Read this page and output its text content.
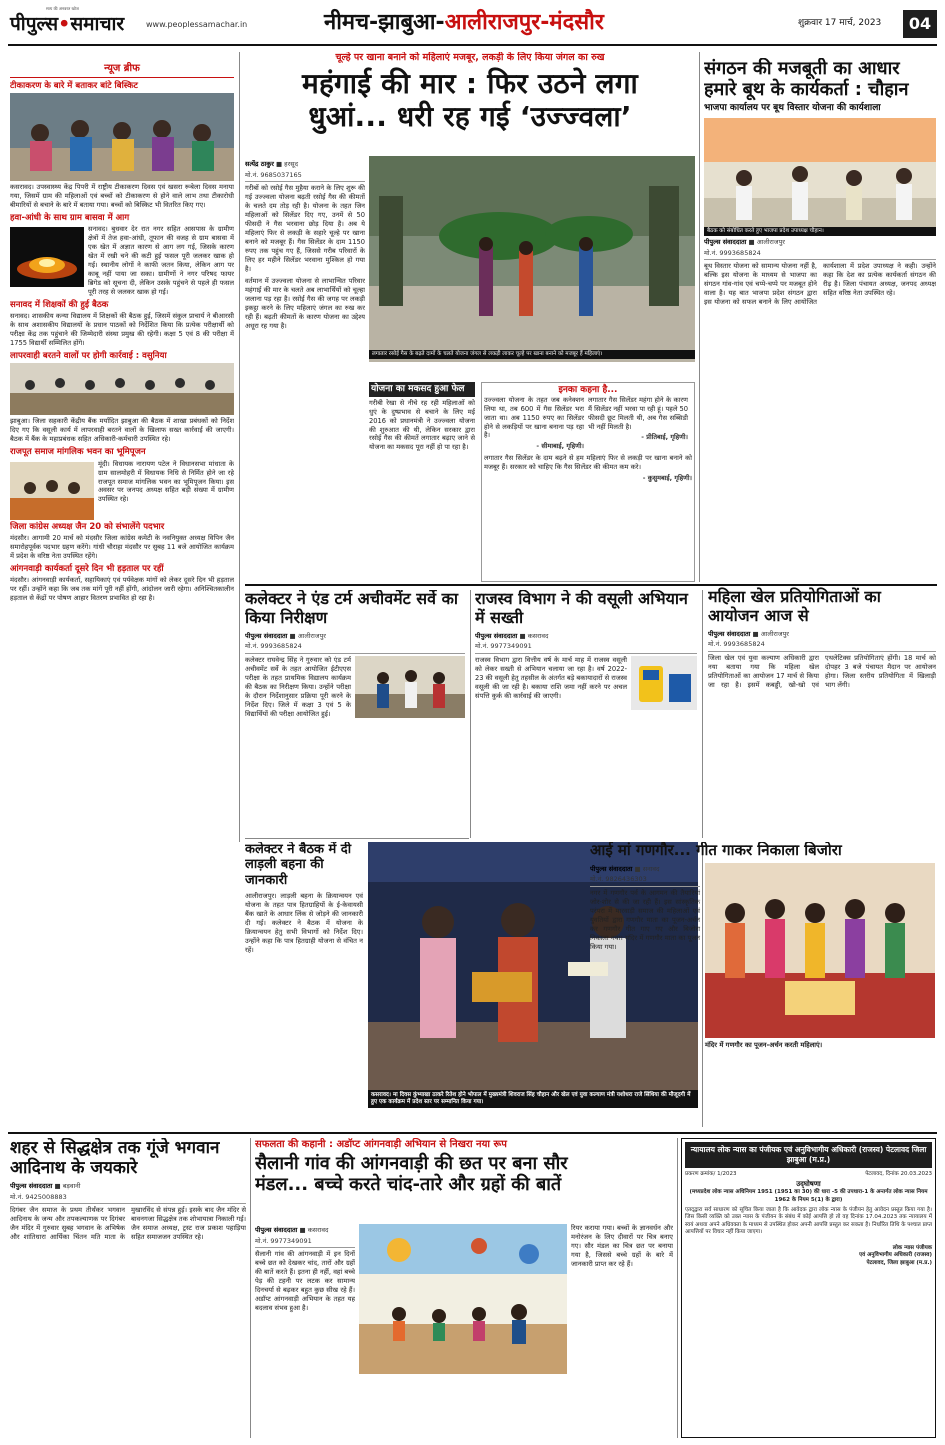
सत्य की अनवरत खोज
पीपुल्स•समाचार	www.peoplessamachar.in	नीमच-झाबुआ-आलीराजपुर-मंदसौर	शुक्रवार 17 मार्च, 2023	04
न्यूज ब्रीफ
टीकाकरण के बारे में बताकर बांटे बिस्किट
कसरावद। उपस्वास्थ्य केंद्र पिपरी में राष्ट्रीय टीकाकरण दिवस एवं खसरा रूबेला दिवस मनाया गया, जिसमें ग्राम की महिलाओं एवं बच्चों को टीकाकरण से होने वाले लाभ तथा टीकारोधी बीमारियों से बचाने के बारे में बताया गया। बच्चों को बिस्किट भी वितरित किए गए।
हवा-आंधी के साथ ग्राम बासवा में आग
सनावद। बुधवार देर रात नगर सहित आसपास के ग्रामीण क्षेत्रों में तेज हवा-आंधी, तूफान की वजह से ग्राम बासवा में एक खेत में अज्ञात कारण से आग लग गई, जिसके कारण खेत में रखी चने की कटी हुई फसल पूरी जलकर खाक हो गई। स्थानीय लोगों ने काफी जतन किया, लेकिन आग पर काबू नहीं पाया जा सका। ग्रामीणों ने नगर परिषद फायर ब्रिगेड को सूचना दी, लेकिन उसके पहुंचने से पहले ही फसल पूरी तरह से जलकर खाक हो गई।
सनावद में शिक्षकों की हुई बैठक
सनावद। शासकीय कन्या विद्यालय में शिक्षकों की बैठक हुई, जिसमें संकुल प्राचार्य ने बीआरसी के साथ अशासकीय विद्यालयों के प्रधान पाठकों को निर्देशित किया कि प्रत्येक परीक्षार्थी को परीक्षा केंद्र तक पहुंचाने की जिम्मेदारी संस्था प्रमुख की रहेगी। कक्षा 5 एवं 8 की परीक्षा में 1755 विद्यार्थी सम्मिलित होंगे।
लापरवाही बरतने वालों पर होगी कार्रवाई : वसुनिया
झाबुआ। जिला सहकारी केंद्रीय बैंक मर्यादित झाबुआ की बैठक में शाखा प्रबंधकों को निर्देश दिए गए कि वसूली कार्य में लापरवाही बरतने वालों के खिलाफ सख्त कार्रवाई की जाएगी। बैठक में बैंक के महाप्रबंधक सहित अधिकारी-कर्मचारी उपस्थित रहे।
राजपूत समाज मांगलिक भवन का भूमिपूजन
मूंदी। विधायक नारायण पटेल ने विधानसभा मांधाता के ग्राम सालमोहरी में विधायक निधि से निर्मित होने जा रहे राजपूत समाज मांगलिक भवन का भूमिपूजन किया। इस अवसर पर जनपद अध्यक्ष सहित बड़ी संख्या में ग्रामीण उपस्थित रहे।
जिला कांग्रेस अध्यक्ष जैन 20 को संभालेंगे पदभार
मंदसौर। आगामी 20 मार्च को मंदसौर जिला कांग्रेस कमेटी के नवनियुक्त अध्यक्ष विपिन जैन समारोहपूर्वक पदभार ग्रहण करेंगे। गांधी चौराहा मंदसौर पर सुबह 11 बजे आयोजित कार्यक्रम में प्रदेश के वरिष्ठ नेता उपस्थित रहेंगे।
आंगनवाड़ी कार्यकर्ता दूसरे दिन भी हड़ताल पर रहीं
मंदसौर। आंगनवाड़ी कार्यकर्ता, सहायिकाएं एवं पर्यवेक्षक मांगों को लेकर दूसरे दिन भी हड़ताल पर रहीं। उन्होंने कहा कि जब तक मांगें पूरी नहीं होंगी, आंदोलन जारी रहेगा। अनिश्चितकालीन हड़ताल से केंद्रों पर पोषण आहार वितरण प्रभावित हो रहा है।
चूल्हे पर खाना बनाने को महिलाएं मजबूर, लकड़ी के लिए किया जंगल का रुख
महंगाई की मार : फिर उठने लगा
धुआं... धरी रह गई ‘उज्ज्वला’
सत्येंद्र ठाकुर ■ हरसूद
मो.नं. 9685037165
गरीबों को रसोई गैस मुहैया कराने के लिए शुरू की गई उज्ज्वला योजना बढ़ती रसोई गैस की कीमतों के चलते दम तोड़ रही है। योजना के तहत जिन महिलाओं को सिलेंडर दिए गए, उनमें से 50 फीसदी ने गैस भरवाना छोड़ दिया है। अब ये महिलाएं फिर से लकड़ी के सहारे चूल्हे पर खाना बनाने को मजबूर हैं। गैस सिलेंडर के दाम 1150 रुपए तक पहुंच गए हैं, जिससे गरीब परिवारों के लिए हर महीने सिलेंडर भरवाना मुश्किल हो गया है।
वर्तमान में उज्ज्वला योजना से लाभान्वित परिवार महंगाई की मार के चलते अब लाभार्थियों को चूल्हा जलाना पड़ रहा है। रसोई गैस की जगह पर लकड़ी इकट्ठा करने के लिए महिलाएं जंगल का रुख कर रही हैं। बढ़ती कीमतों के कारण योजना का उद्देश्य अधूरा रह गया है।
लगातार रसोई गैस के बढ़ते दामों के चलते योजना जंगल से लकड़ी लाकर चूल्हे पर खाना बनाने को मजबूर हैं महिलाएं।
योजना का मकसद हुआ फेल
गरीबी रेखा से नीचे रह रही महिलाओं को धुएं के दुष्प्रभाव से बचाने के लिए मई 2016 को प्रधानमंत्री ने उज्ज्वला योजना की शुरुआत की थी, लेकिन सरकार द्वारा रसोई गैस की कीमतें लगातार बढ़ाए जाने से योजना का मकसद पूरा नहीं हो पा रहा है।
इनका कहना है...
उज्ज्वला योजना के तहत जब कनेक्शन लिया था, तब 600 में गैस सिलेंडर भरा जाता था। अब 1150 रुपए का सिलेंडर होने से लकड़ियों पर खाना बनाना पड़ रहा है।
- सीमाबाई, गृहिणी।
लगातार गैस सिलेंडर महंगा होने के कारण मैं सिलेंडर नहीं भरवा पा रही हूं। पहले 50 फीसदी छूट मिलती थी, अब गैस सब्सिडी भी नहीं मिलती है।
- प्रीतिबाई, गृहिणी।
लगातार गैस सिलेंडर के दाम बढ़ने से हम महिलाएं फिर से लकड़ी पर खाना बनाने को मजबूर हैं। सरकार को चाहिए कि गैस सिलेंडर की कीमत कम करे।
- कुसुमबाई, गृहिणी।
संगठन की मजबूती का आधार हमारे बूथ के कार्यकर्ता : चौहान
भाजपा कार्यालय पर बूथ विस्तार योजना की कार्यशाला
बैठक को संबोधित करते हुए भाजपा प्रदेश उपाध्यक्ष चौहान।
पीपुल्स संवाददाता ■ आलीराजपुर
मो.नं. 9993685824
बूथ विस्तार योजना को सामान्य योजना नहीं है, बल्कि इस योजना के माध्यम से भाजपा का संगठन गांव-गांव एवं चप्पे-चप्पे पर मजबूत होने वाला है। यह बात भाजपा प्रदेश संगठन द्वारा इस योजना को सफल बनाने के लिए आयोजित कार्यशाला में प्रदेश उपाध्यक्ष ने कही। उन्होंने कहा कि देश का प्रत्येक कार्यकर्ता संगठन की रीढ़ है। जिला पंचायत अध्यक्ष, जनपद अध्यक्ष सहित वरिष्ठ नेता उपस्थित रहे।
कलेक्टर ने एंड टर्म अचीवमेंट सर्वे का किया निरीक्षण
पीपुल्स संवाददाता ■ आलीराजपुर
मो.नं. 9993685824
कलेक्टर राघवेन्द्र सिंह ने गुरुवार को एंड टर्म अचीवमेंट सर्वे के तहत आयोजित ईटीएएस परीक्षा के तहत प्राथमिक विद्यालय कार्यक्रम की बैठक का निरीक्षण किया। उन्होंने परीक्षा के दौरान निर्देशानुसार प्रक्रिया पूरी करने के निर्देश दिए। जिले में कक्षा 3 एवं 5 के विद्यार्थियों की परीक्षा आयोजित हुई।
राजस्व विभाग ने की वसूली अभियान में सख्ती
पीपुल्स संवाददाता ■ कसरावद
मो.नं. 9977349091
राजस्व विभाग द्वारा वित्तीय वर्ष के मार्च माह में राजस्व वसूली को लेकर सख्ती से अभियान चलाया जा रहा है। वर्ष 2022-23 की वसूली हेतु तहसील के अंतर्गत बड़े बकायादारों से राजस्व वसूली की जा रही है। बकाया राशि जमा नहीं करने पर अचल संपत्ति कुर्क की कार्रवाई की जाएगी।
महिला खेल प्रतियोगिताओं का आयोजन आज से
पीपुल्स संवाददाता ■ आलीराजपुर
मो.नं. 9993685824
जिला खेल एवं युवा कल्याण अधिकारी द्वारा नया बताया गया कि महिला खेल प्रतियोगिताओं का आयोजन 17 मार्च से किया जा रहा है। इसमें कबड्डी, खो-खो एवं एथलेटिक्स प्रतियोगिताएं होंगी। 18 मार्च को दोपहर 3 बजे पंचायत मैदान पर आयोजन होगा। जिला स्तरीय प्रतियोगिता में खिलाड़ी भाग लेंगी।
कलेक्टर ने बैठक में दी लाड़ली बहना की जानकारी
आलीराजपुर। लाड़ली बहना के क्रियान्वयन एवं योजना के तहत पात्र हितग्राहियों के ई-केवायसी बैंक खाते के आधार लिंक से जोड़ने की जानकारी दी गई। कलेक्टर ने बैठक में योजना के क्रियान्वयन हेतु सभी विभागों को निर्देश दिए। उन्होंने कहा कि पात्र हितग्राही योजना से वंचित न रहें।
कसरावद। मा दिवस कुंभ्याखा ठाकरे रितेश होने भोपाल में मुख्यमंत्री शिवराज सिंह चौहान और खेल एवं युवा कल्याण मंत्री यशोधरा राजे सिंधिया की मौजूदगी में हुए एक कार्यक्रम में प्रदेश स्तर पर सम्मानित किया गया।
आई मां गणगौर... गीत गाकर निकाला बिजोरा
पीपुल्स संवाददाता ■ सनावद
मो.नं. 9826436303
नगर में गणगौर पर्व के आगमन की तैयारियां जोर-शोर से की जा रही हैं। इस सांस्कृतिक परंपरा में मारवाड़ी समाज की महिलाओं एवं युवतियों द्वारा गणगौर माता का पूजन-अर्चन कर गणगौर गीत गाए गए और बिजोरा निकाला गया। मंदिर में गणगौर माता का पूजन किया गया।
मंदिर में गणगौर का पूजन-अर्चन करती महिलाएं।
शहर से सिद्धक्षेत्र तक गूंजे भगवान आदिनाथ के जयकारे
पीपुल्स संवाददाता ■ बड़वानी
मो.नं. 9425008883
दिगंबर जैन समाज के प्रथम तीर्थंकर भगवान आदिनाथ के जन्म और तपकल्याणक पर दिगंबर जैन मंदिर में गुरुवार सुबह भगवान के अभिषेक और शांतिधारा आर्यिका चिंतन मति माता के मुखारविंद से संपन्न हुई। इसके बाद जैन मंदिर से बावनगजा सिद्धक्षेत्र तक शोभायात्रा निकाली गई। जैन समाज अध्यक्ष, ट्रस्ट राज प्रकाश पहाड़िया सहित समाजजन उपस्थित रहे।
सफलता की कहानी : अडॉप्ट आंगनवाड़ी अभियान से निखरा नया रूप
सैलानी गांव की आंगनवाड़ी की छत पर बना सौर
मंडल... बच्चे करते चांद-तारे और ग्रहों की बातें
पीपुल्स संवाददाता ■ कसरावद
मो.नं. 9977349091
सैलानी गांव की आंगनवाड़ी में इन दिनों बच्चे छत को देखकर चांद, तारों और ग्रहों की बातें करते हैं। इतना ही नहीं, वहां बच्चे पेड़ की टहनी पर लटक कर सामान्य दिनचर्या से बढ़कर बहुत कुछ सीख रहे हैं। अडॉप्ट आंगनवाड़ी अभियान के तहत यह बदलाव संभव हुआ है।
रियर कराया गया। बच्चों के ज्ञानवर्धन और मनोरंजन के लिए दीवारों पर चित्र बनाए गए। सौर मंडल का चित्र छत पर बनाया गया है, जिससे बच्चे ग्रहों के बारे में जानकारी प्राप्त कर रहे हैं।
न्यायालय लोक न्यास का पंजीयक एवं अनुविभागीय अधिकारी (राजस्व) पेटलावद जिला झाबुआ (म.प्र.)
प्रकरण क्रमांक/ 1/2023	पेटलावद, दिनांक 20.03.2023
उद्‌घोषणा
(मध्यप्रदेश लोक न्यास अधिनियम 1951 (1951 का 30) की धारा -5 की उपधारा-1 के अन्तर्गत लोक न्यास नियम 1962 के नियम 5(1) के द्वारा)
एतद्‌द्वारा सर्व साधारण को सूचित किया जाता है कि आवेदक द्वारा लोक न्यास के पंजीयन हेतु आवेदन प्रस्तुत किया गया है। जिस किसी व्यक्ति को उक्त न्यास के पंजीयन के संबंध में कोई आपत्ति हो तो वह दिनांक 17.04.2023 तक न्यायालय में स्वयं अथवा अपने अधिवक्ता के माध्यम से उपस्थित होकर अपनी आपत्ति प्रस्तुत कर सकता है। निर्धारित तिथि के पश्चात प्राप्त आपत्तियों पर विचार नहीं किया जाएगा।
लोक न्यास पंजीयक
एवं अनुविभागीय अधिकारी (राजस्व)
पेटलावद, जिला झाबुआ (म.प्र.)
